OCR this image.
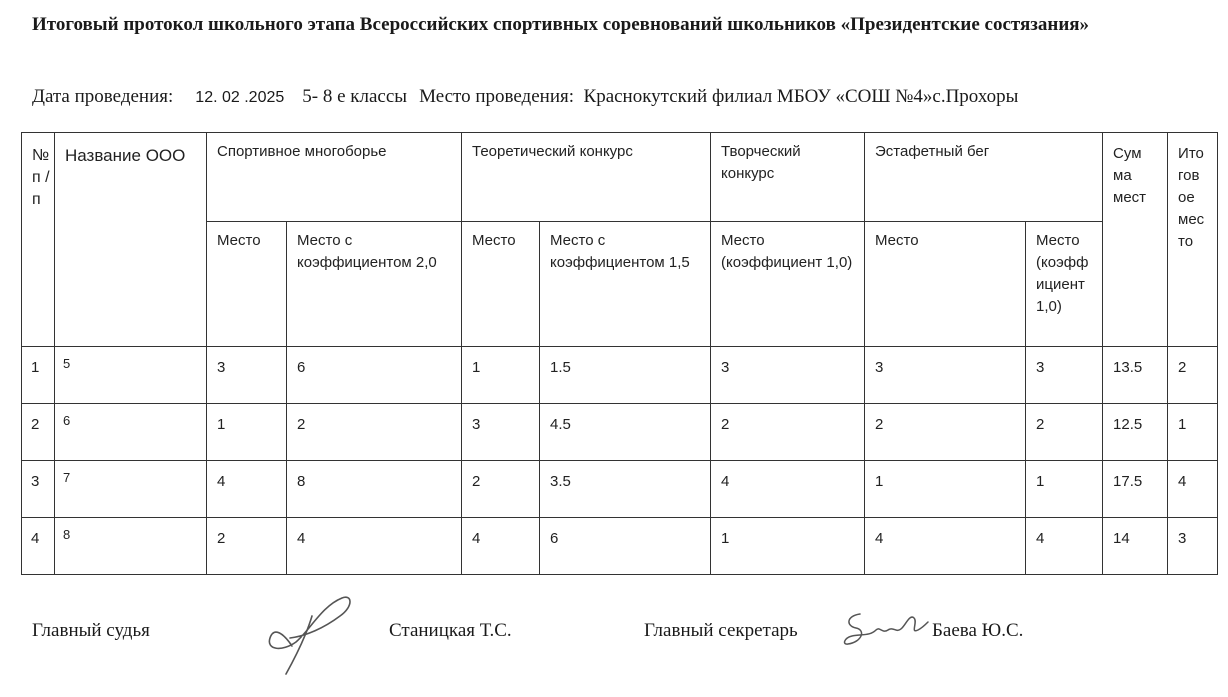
Итоговый протокол школьного этапа Всероссийских спортивных соревнований школьников «Президентские состязания»
Дата проведения: 12. 02 .2025 5- 8 е классы Место проведения: Краснокутский филиал МБОУ «СОШ №4»с.Прохоры
№ п / п	Название ООО	Спортивное многоборье		Теоретический конкурс		Творческий конкурс	Эстафетный бег		Сум ма мест	Ито гов ое мес то

		Место	Место с коэффициентом 2,0	Место	Место с коэффициентом 1,5	Место (коэффициент 1,0)	Место	Место (коэфф ициент 1,0)		

1	5	3	6	1	1.5	3	3	3	13.5	2

2	6	1	2	3	4.5	2	2	2	12.5	1

3	7	4	8	2	3.5	4	1	1	17.5	4

4	8	2	4	4	6	1	4	4	14	3
Главный судья	Станицкая Т.С.	Главный секретарь	Баева Ю.С.
